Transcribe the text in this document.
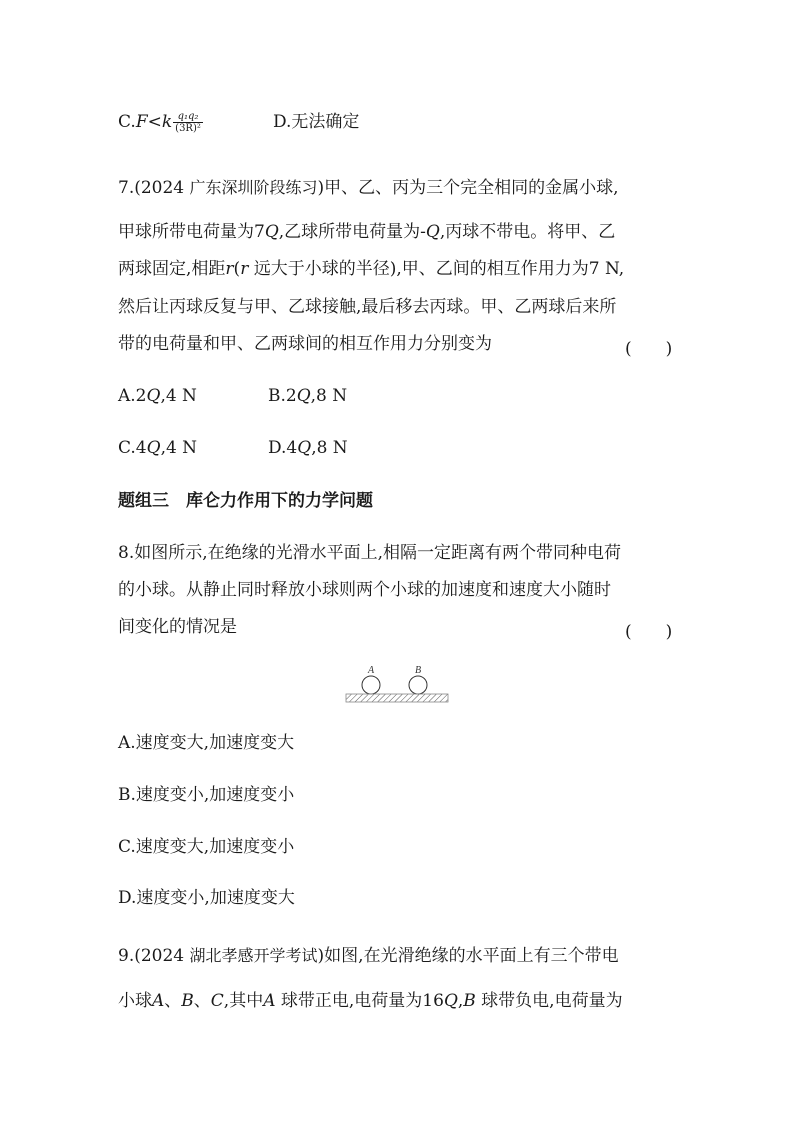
$C.F<k \frac{\text{q₁q₂}}{\text{(3R)²}}$	D.无法确定
7.(2024 广东深圳阶段练习)甲、乙、丙为三个完全相同的金属小球,
甲球所带电荷量为7Q,乙球所带电荷量为-Q,丙球不带电。将甲、乙
两球固定,相距r(r 远大于小球的半径),甲、乙间的相互作用力为7 N,
然后让丙球反复与甲、乙球接触,最后移去丙球。甲、乙两球后来所
带的电荷量和甲、乙两球间的相互作用力分别变为	(　　)
A.2Q,4 N	B.2Q,8 N
C.4Q,4 N	D.4Q,8 N
题组三　库仑力作用下的力学问题
8.如图所示,在绝缘的光滑水平面上,相隔一定距离有两个带同种电荷
的小球。从静止同时释放小球则两个小球的加速度和速度大小随时
间变化的情况是	(　　)
A	B
A.速度变大,加速度变大
B.速度变小,加速度变小
C.速度变大,加速度变小
D.速度变小,加速度变大
9.(2024 湖北孝感开学考试)如图,在光滑绝缘的水平面上有三个带电
小球A、B、C,其中A 球带正电,电荷量为16Q,B 球带负电,电荷量为
